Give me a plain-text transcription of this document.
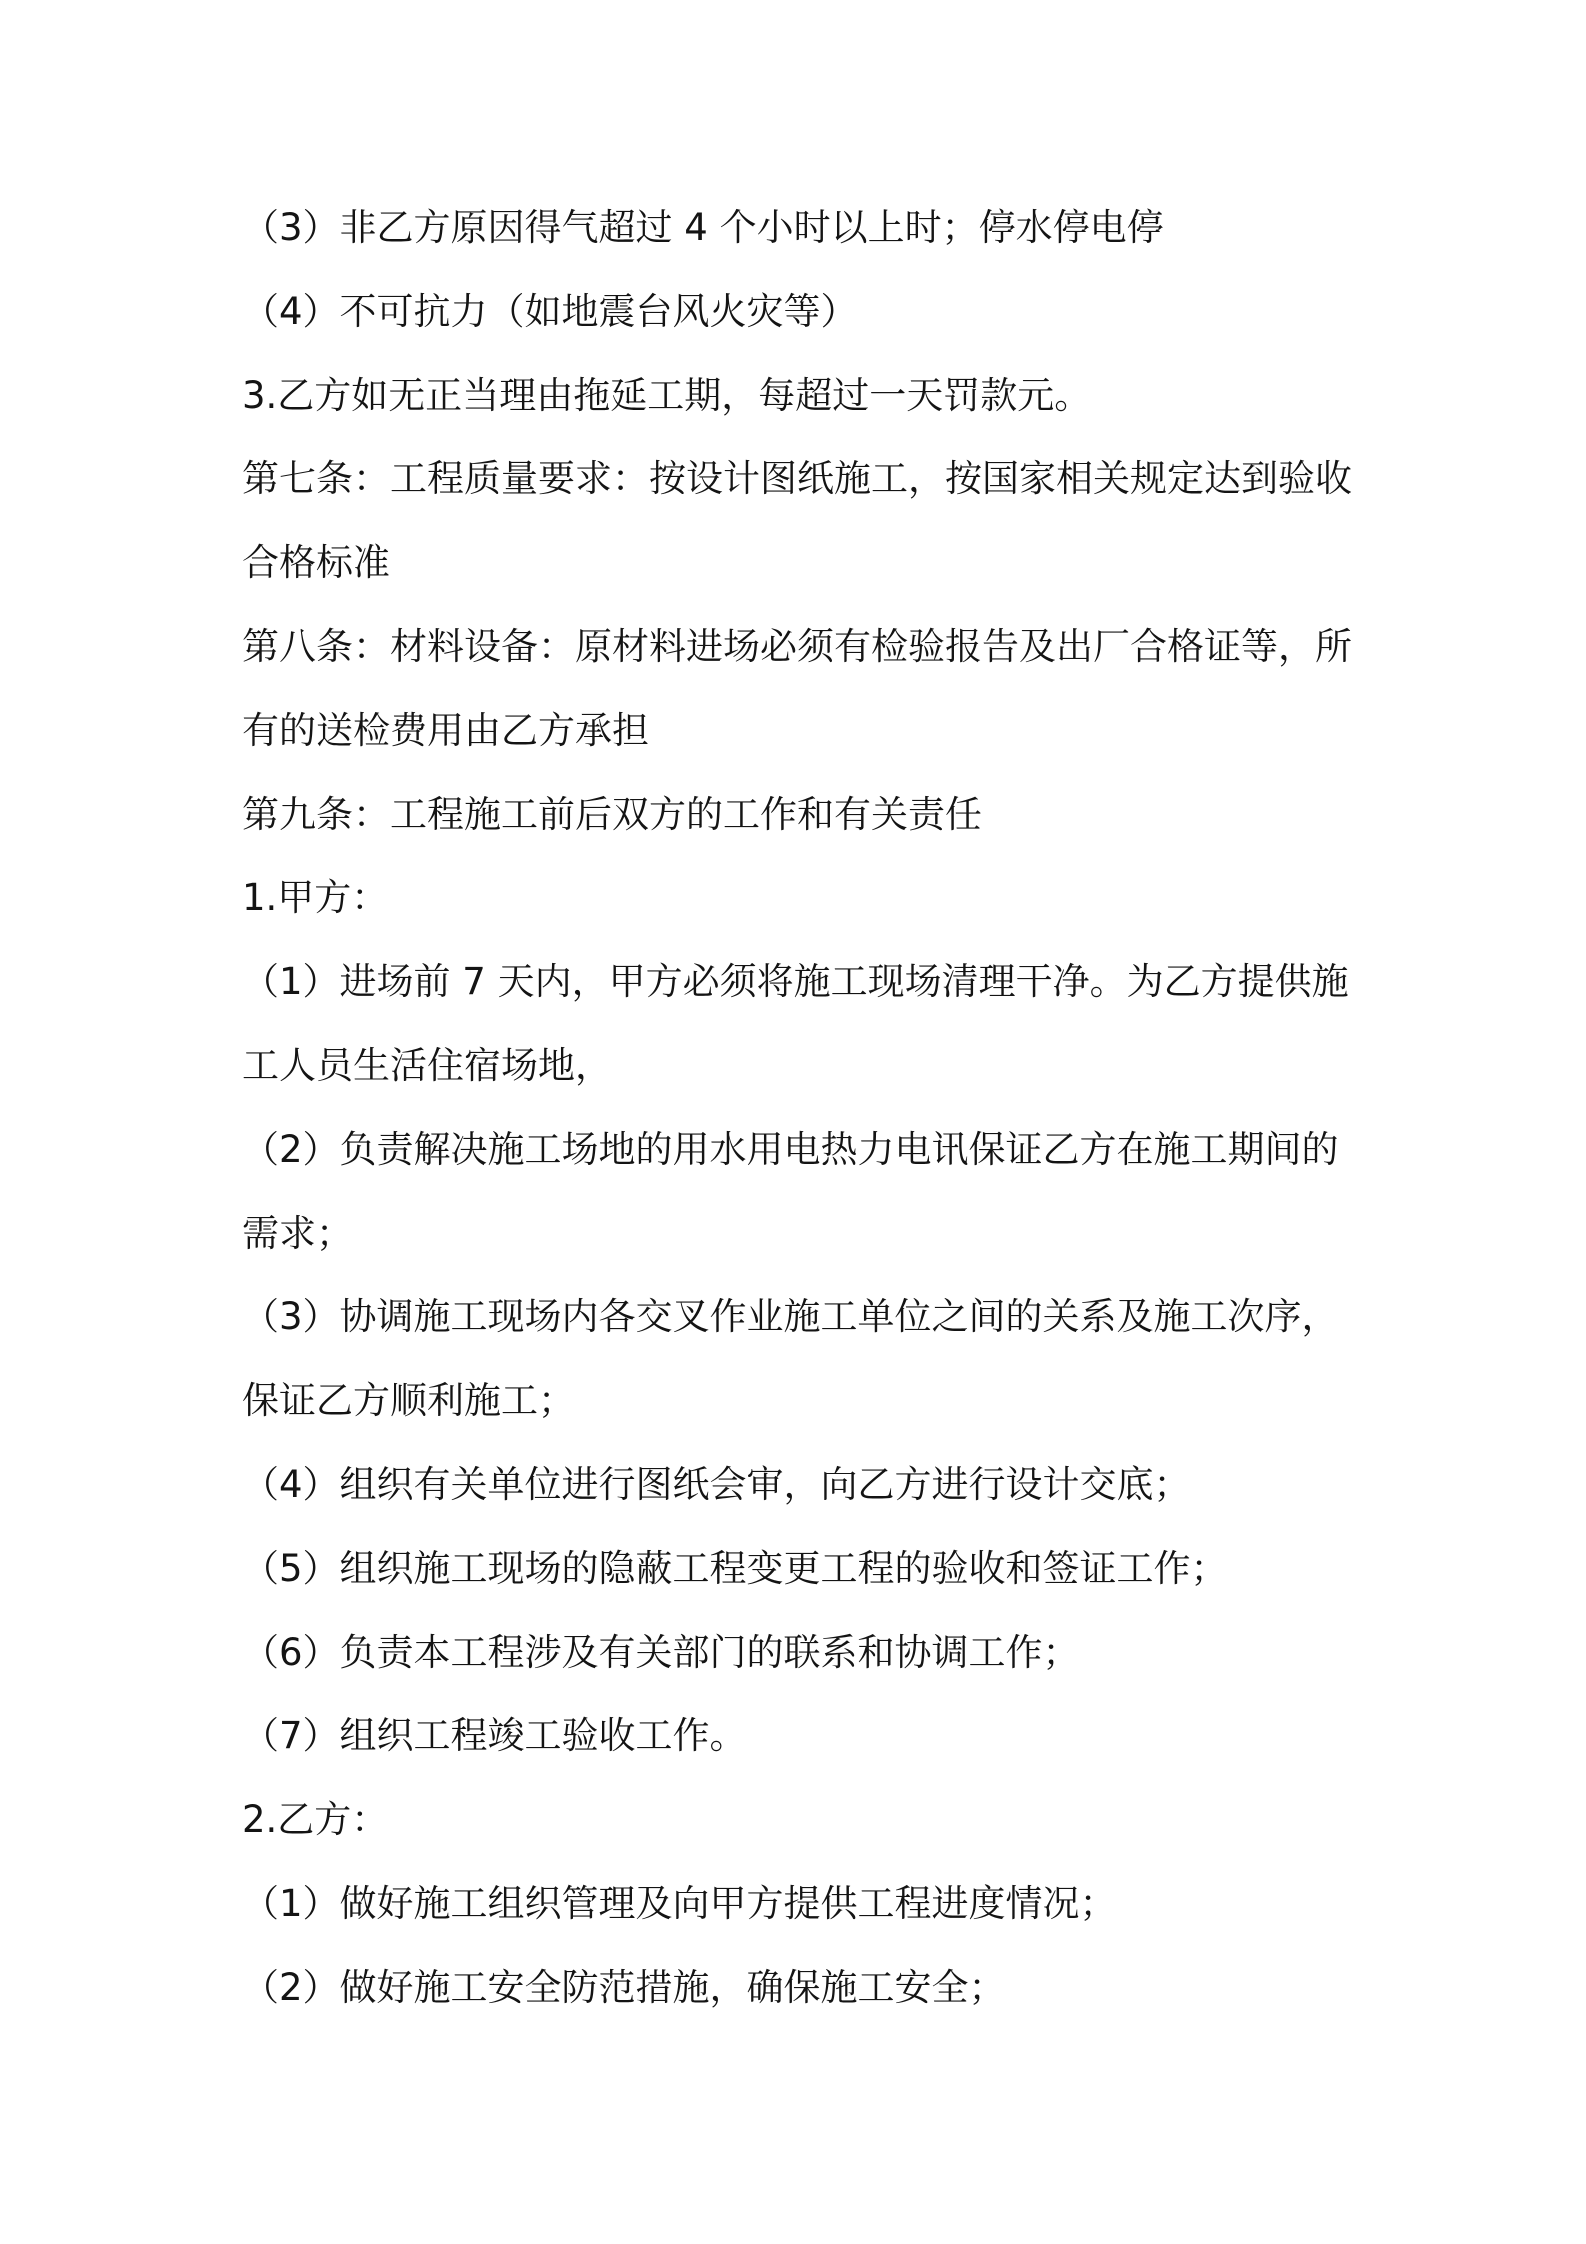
（3）非乙方原因得气超过 4 个小时以上时；停水停电停
（4）不可抗力（如地震台风火灾等）
3.乙方如无正当理由拖延工期，每超过一天罚款元。
第七条：工程质量要求：按设计图纸施工，按国家相关规定达到验收
合格标准
第八条：材料设备：原材料进场必须有检验报告及出厂合格证等，所
有的送检费用由乙方承担
第九条：工程施工前后双方的工作和有关责任
1.甲方：
（1）进场前 7 天内，甲方必须将施工现场清理干净。为乙方提供施
工人员生活住宿场地，
（2）负责解决施工场地的用水用电热力电讯保证乙方在施工期间的
需求；
（3）协调施工现场内各交叉作业施工单位之间的关系及施工次序，
保证乙方顺利施工；
（4）组织有关单位进行图纸会审，向乙方进行设计交底；
（5）组织施工现场的隐蔽工程变更工程的验收和签证工作；
（6）负责本工程涉及有关部门的联系和协调工作；
（7）组织工程竣工验收工作。
2.乙方：
（1）做好施工组织管理及向甲方提供工程进度情况；
（2）做好施工安全防范措施，确保施工安全；
